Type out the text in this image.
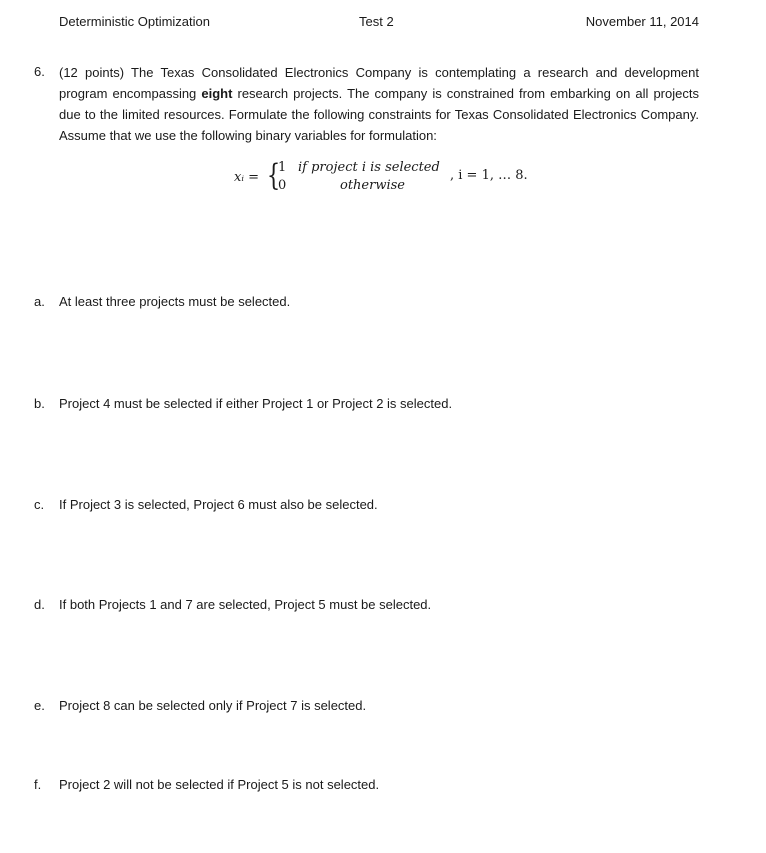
Deterministic Optimization	Test 2	November 11, 2014
6. (12 points) The Texas Consolidated Electronics Company is contemplating a research and development program encompassing eight research projects. The company is constrained from embarking on all projects due to the limited resources. Formulate the following constraints for Texas Consolidated Electronics Company. Assume that we use the following binary variables for formulation:

xᵢ = {
1 if project i is selected
0	otherwise
, i = 1, … 8.
a. At least three projects must be selected.
b. Project 4 must be selected if either Project 1 or Project 2 is selected.
c. If Project 3 is selected, Project 6 must also be selected.
d. If both Projects 1 and 7 are selected, Project 5 must be selected.
e. Project 8 can be selected only if Project 7 is selected.
f. Project 2 will not be selected if Project 5 is not selected.
